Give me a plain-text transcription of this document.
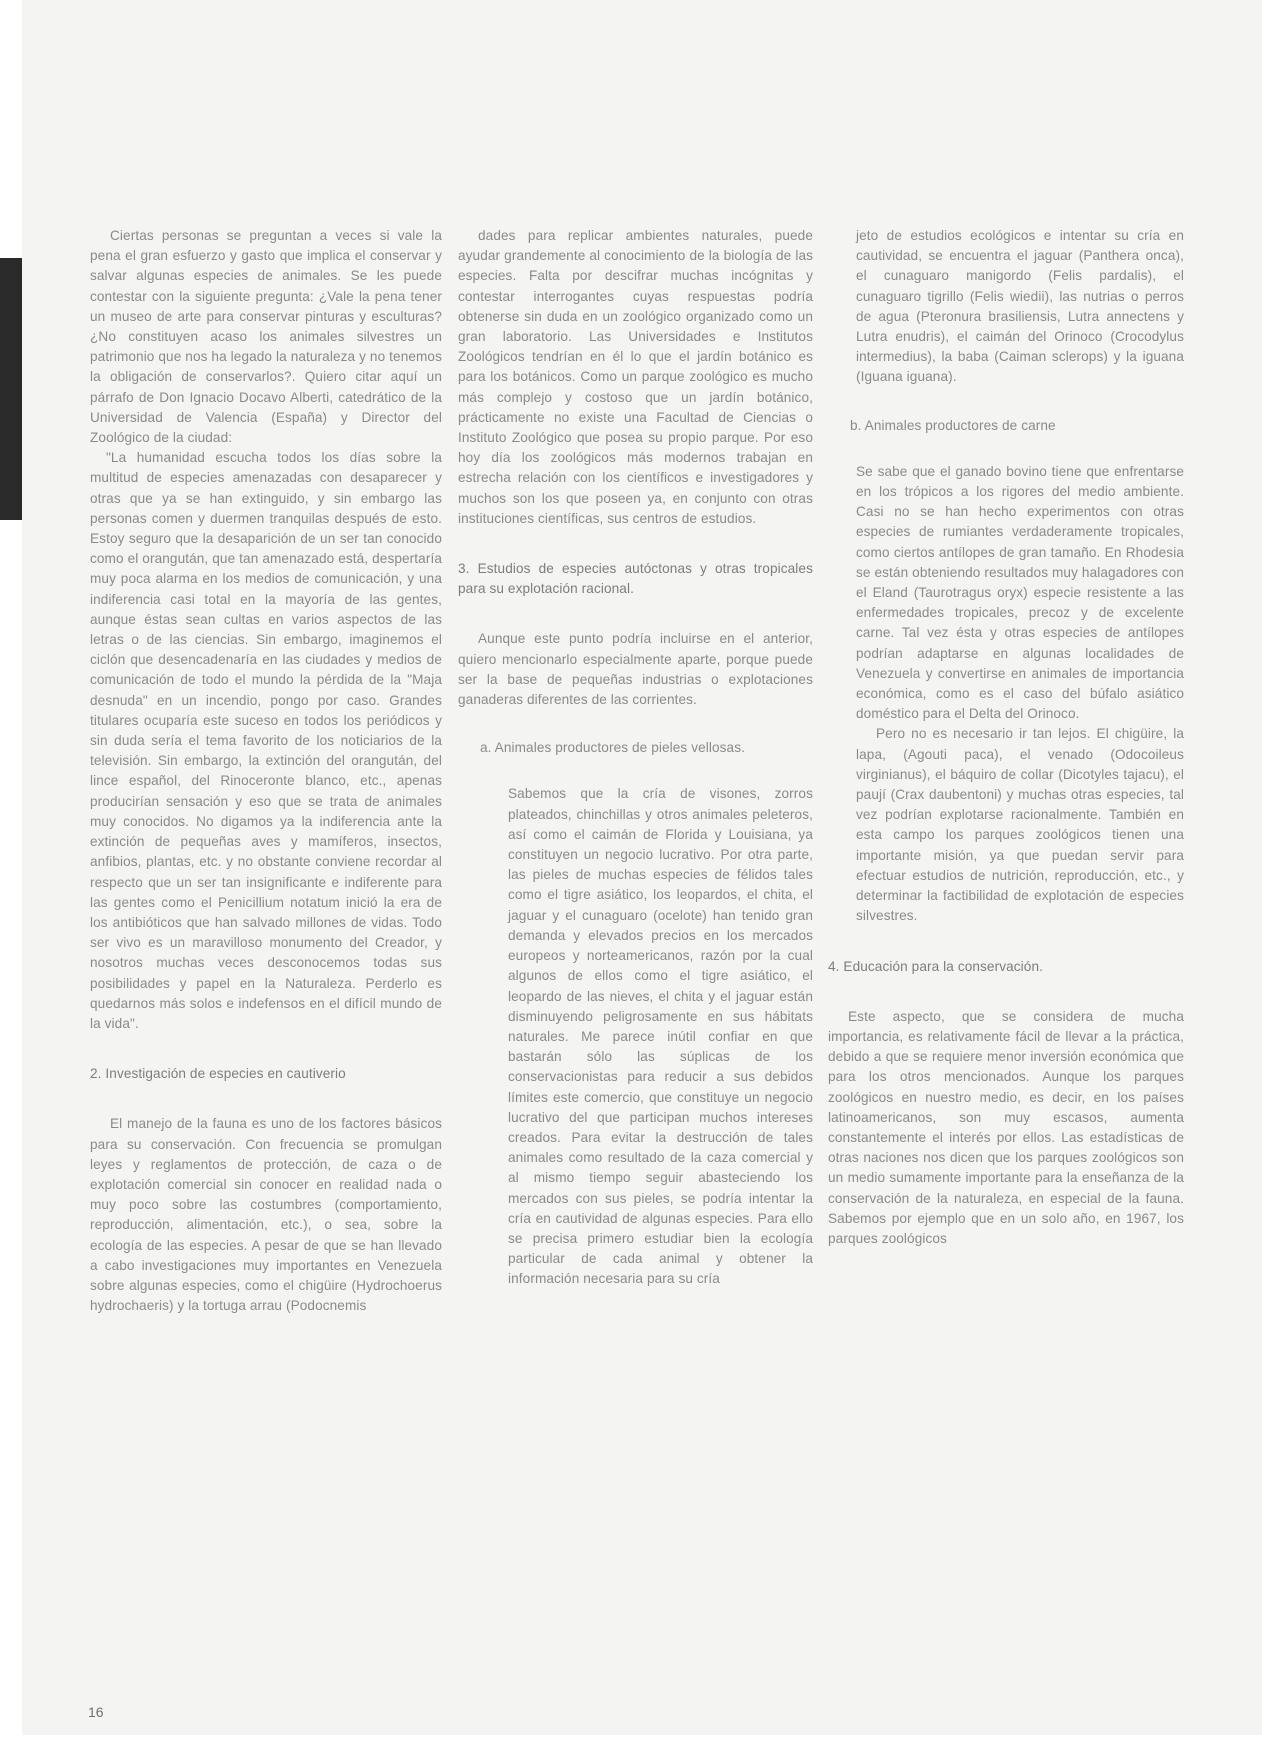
Ciertas personas se preguntan a veces si vale la pena el gran esfuerzo y gasto que implica el conservar y salvar algunas especies de animales. Se les puede contestar con la siguiente pregunta: ¿Vale la pena tener un museo de arte para conservar pinturas y esculturas? ¿No constituyen acaso los animales silvestres un patrimonio que nos ha legado la naturaleza y no tenemos la obligación de conservarlos?. Quiero citar aquí un párrafo de Don Ignacio Docavo Alberti, catedrático de la Universidad de Valencia (España) y Director del Zoológico de la ciudad:

"La humanidad escucha todos los días sobre la multitud de especies amenazadas con desaparecer y otras que ya se han extinguido, y sin embargo las personas comen y duermen tranquilas después de esto. Estoy seguro que la desaparición de un ser tan conocido como el orangután, que tan amenazado está, despertaría muy poca alarma en los medios de comunicación, y una indiferencia casi total en la mayoría de las gentes, aunque éstas sean cultas en varios aspectos de las letras o de las ciencias. Sin embargo, imaginemos el ciclón que desencadenaría en las ciudades y medios de comunicación de todo el mundo la pérdida de la "Maja desnuda" en un incendio, pongo por caso. Grandes titulares ocuparía este suceso en todos los periódicos y sin duda sería el tema favorito de los noticiarios de la televisión. Sin embargo, la extinción del orangután, del lince español, del Rinoceronte blanco, etc., apenas producirían sensación y eso que se trata de animales muy conocidos. No digamos ya la indiferencia ante la extinción de pequeñas aves y mamíferos, insectos, anfibios, plantas, etc. y no obstante conviene recordar al respecto que un ser tan insignificante e indiferente para las gentes como el Penicillium notatum inició la era de los antibióticos que han salvado millones de vidas. Todo ser vivo es un maravilloso monumento del Creador, y nosotros muchas veces desconocemos todas sus posibilidades y papel en la Naturaleza. Perderlo es quedarnos más solos e indefensos en el difícil mundo de la vida".

2. Investigación de especies en cautiverio

El manejo de la fauna es uno de los factores básicos para su conservación. Con frecuencia se promulgan leyes y reglamentos de protección, de caza o de explotación comercial sin conocer en realidad nada o muy poco sobre las costumbres (comportamiento, reproducción, alimentación, etc.), o sea, sobre la ecología de las especies. A pesar de que se han llevado a cabo investigaciones muy importantes en Venezuela sobre algunas especies, como el chigüire (Hydrochoerus hydrochaeris) y la tortuga arrau (Podocnemis

dades para replicar ambientes naturales, puede ayudar grandemente al conocimiento de la biología de las especies. Falta por descifrar muchas incógnitas y contestar interrogantes cuyas respuestas podría obtenerse sin duda en un zoológico organizado como un gran laboratorio. Las Universidades e Institutos Zoológicos tendrían en él lo que el jardín botánico es para los botánicos. Como un parque zoológico es mucho más complejo y costoso que un jardín botánico, prácticamente no existe una Facultad de Ciencias o Instituto Zoológico que posea su propio parque. Por eso hoy día los zoológicos más modernos trabajan en estrecha relación con los científicos e investigadores y muchos son los que poseen ya, en conjunto con otras instituciones científicas, sus centros de estudios.

3. Estudios de especies autóctonas y otras tropicales para su explotación racional.

Aunque este punto podría incluirse en el anterior, quiero mencionarlo especialmente aparte, porque puede ser la base de pequeñas industrias o explotaciones ganaderas diferentes de las corrientes.

a. Animales productores de pieles vellosas.

Sabemos que la cría de visones, zorros plateados, chinchillas y otros animales peleteros, así como el caimán de Florida y Louisiana, ya constituyen un negocio lucrativo. Por otra parte, las pieles de muchas especies de félidos tales como el tigre asiático, los leopardos, el chita, el jaguar y el cunaguaro (ocelote) han tenido gran demanda y elevados precios en los mercados europeos y norteamericanos, razón por la cual algunos de ellos como el tigre asiático, el leopardo de las nieves, el chita y el jaguar están disminuyendo peligrosamente en sus hábitats naturales. Me parece inútil confiar en que bastarán sólo las súplicas de los conservacionistas para reducir a sus debidos límites este comercio, que constituye un negocio lucrativo del que participan muchos intereses creados. Para evitar la destrucción de tales animales como resultado de la caza comercial y al mismo tiempo seguir abasteciendo los mercados con sus pieles, se podría intentar la cría en cautividad de algunas especies. Para ello se precisa primero estudiar bien la ecología particular de cada animal y obtener la información necesaria para su cría

jeto de estudios ecológicos e intentar su cría en cautividad, se encuentra el jaguar (Panthera onca), el cunaguaro manigordo (Felis pardalis), el cunaguaro tigrillo (Felis wiedii), las nutrias o perros de agua (Pteronura brasiliensis, Lutra annectens y Lutra enudris), el caimán del Orinoco (Crocodylus intermedius), la baba (Caiman sclerops) y la iguana (Iguana iguana).

b. Animales productores de carne

Se sabe que el ganado bovino tiene que enfrentarse en los trópicos a los rigores del medio ambiente. Casi no se han hecho experimentos con otras especies de rumiantes verdaderamente tropicales, como ciertos antílopes de gran tamaño. En Rhodesia se están obteniendo resultados muy halagadores con el Eland (Taurotragus oryx) especie resistente a las enfermedades tropicales, precoz y de excelente carne. Tal vez ésta y otras especies de antílopes podrían adaptarse en algunas localidades de Venezuela y convertirse en animales de importancia económica, como es el caso del búfalo asiático doméstico para el Delta del Orinoco.

Pero no es necesario ir tan lejos. El chigüire, la lapa, (Agouti paca), el venado (Odocoileus virginianus), el báquiro de collar (Dicotyles tajacu), el paují (Crax daubentoni) y muchas otras especies, tal vez podrían explotarse racionalmente. También en esta campo los parques zoológicos tienen una importante misión, ya que puedan servir para efectuar estudios de nutrición, reproducción, etc., y determinar la factibilidad de explotación de especies silvestres.

4. Educación para la conservación.

Este aspecto, que se considera de mucha importancia, es relativamente fácil de llevar a la práctica, debido a que se requiere menor inversión económica que para los otros mencionados. Aunque los parques zoológicos en nuestro medio, es decir, en los países latinoamericanos, son muy escasos, aumenta constantemente el interés por ellos. Las estadísticas de otras naciones nos dicen que los parques zoológicos son un medio sumamente importante para la enseñanza de la conservación de la naturaleza, en especial de la fauna. Sabemos por ejemplo que en un solo año, en 1967, los parques zoológicos

16
